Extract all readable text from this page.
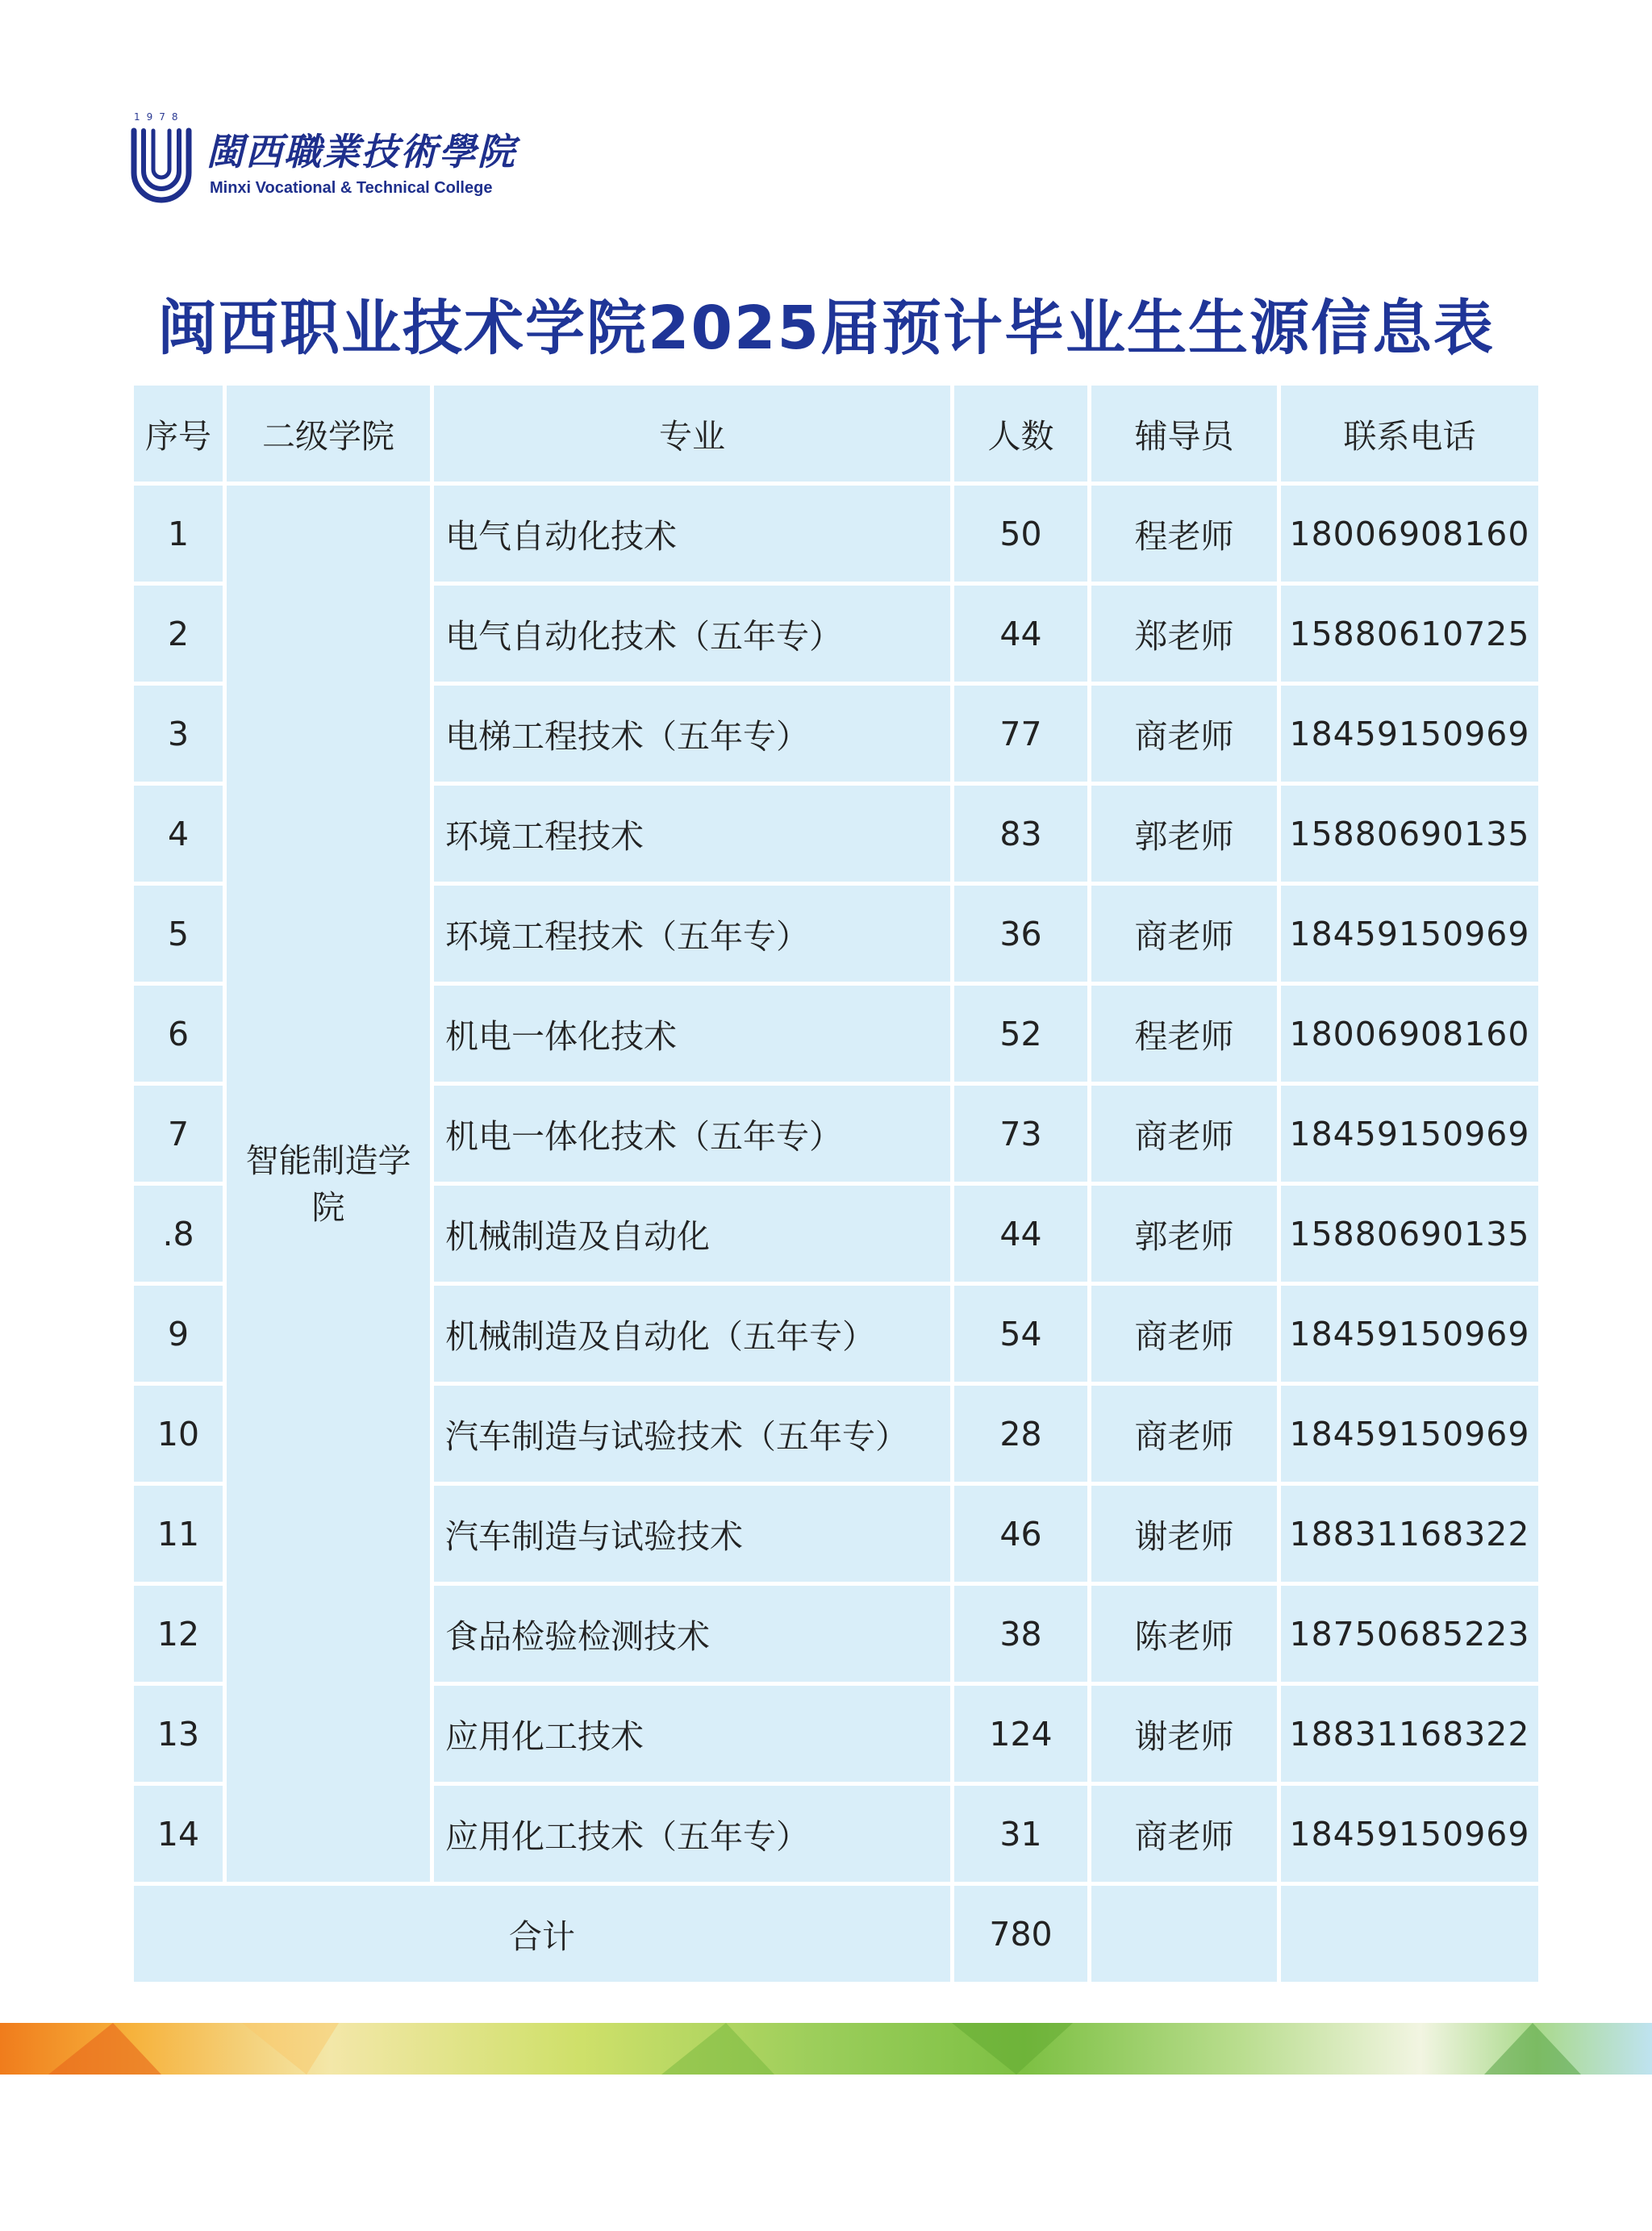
1978
閩西職業技術學院
Minxi Vocational & Technical College
闽西职业技术学院2025届预计毕业生生源信息表
序号	二级学院	专业	人数	辅导员	联系电话
1	智能制造学院	电气自动化技术	50	程老师	18006908160
2		电气自动化技术（五年专）	44	郑老师	15880610725
3		电梯工程技术（五年专）	77	商老师	18459150969
4		环境工程技术	83	郭老师	15880690135
5		环境工程技术（五年专）	36	商老师	18459150969
6		机电一体化技术	52	程老师	18006908160
7		机电一体化技术（五年专）	73	商老师	18459150969
.8		机械制造及自动化	44	郭老师	15880690135
9		机械制造及自动化（五年专）	54	商老师	18459150969
10		汽车制造与试验技术（五年专）	28	商老师	18459150969
11		汽车制造与试验技术	46	谢老师	18831168322
12		食品检验检测技术	38	陈老师	18750685223
13		应用化工技术	124	谢老师	18831168322
14		应用化工技术（五年专）	31	商老师	18459150969
合计			780		
